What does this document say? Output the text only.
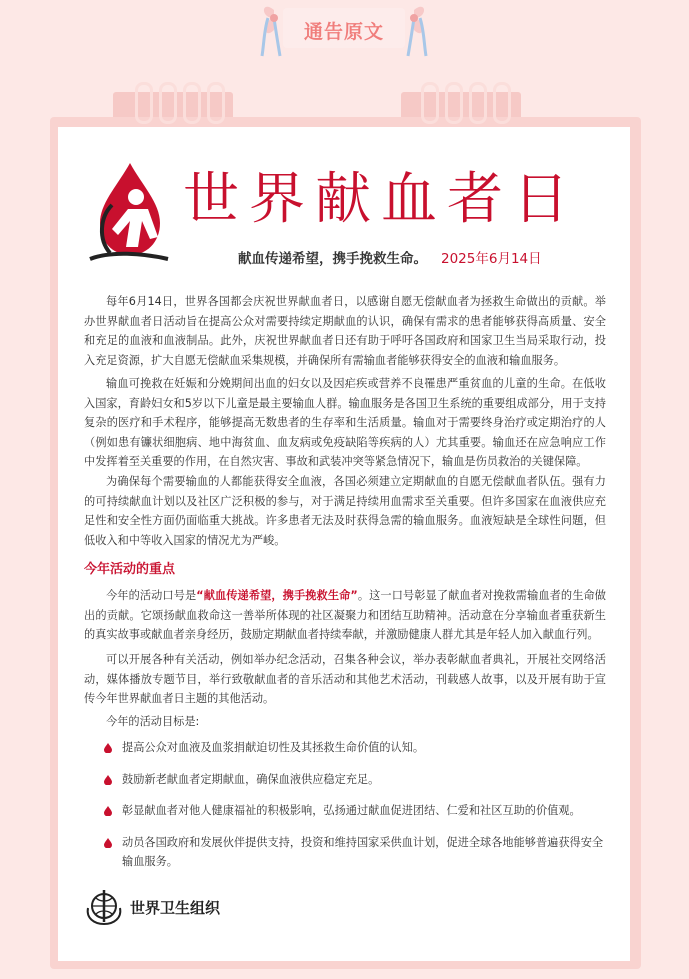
通告原文
世界献血者日
献血传递希望，携手挽救生命。 2025年6月14日

每年6月14日，世界各国都会庆祝世界献血者日，以感谢自愿无偿献血者为拯救生命做出的贡献。举办世界献血者日活动旨在提高公众对需要持续定期献血的认识，确保有需求的患者能够获得高质量、安全和充足的血液和血液制品。此外，庆祝世界献血者日还有助于呼吁各国政府和国家卫生当局采取行动，投入充足资源，扩大自愿无偿献血采集规模，并确保所有需输血者能够获得安全的血液和输血服务。

输血可挽救在妊娠和分娩期间出血的妇女以及因疟疾或营养不良罹患严重贫血的儿童的生命。在低收入国家，育龄妇女和5岁以下儿童是最主要输血人群。输血服务是各国卫生系统的重要组成部分，用于支持复杂的医疗和手术程序，能够提高无数患者的生存率和生活质量。输血对于需要终身治疗或定期治疗的人（例如患有镰状细胞病、地中海贫血、血友病或免疫缺陷等疾病的人）尤其重要。输血还在应急响应工作中发挥着至关重要的作用，在自然灾害、事故和武装冲突等紧急情况下，输血是伤员救治的关键保障。

为确保每个需要输血的人都能获得安全血液，各国必须建立定期献血的自愿无偿献血者队伍。强有力的可持续献血计划以及社区广泛积极的参与，对于满足持续用血需求至关重要。但许多国家在血液供应充足性和安全性方面仍面临重大挑战。许多患者无法及时获得急需的输血服务。血液短缺是全球性问题，但低收入和中等收入国家的情况尤为严峻。

今年活动的重点

今年的活动口号是“献血传递希望，携手挽救生命”。这一口号彰显了献血者对挽救需输血者的生命做出的贡献。它颂扬献血救命这一善举所体现的社区凝聚力和团结互助精神。活动意在分享输血者重获新生的真实故事或献血者亲身经历，鼓励定期献血者持续奉献，并激励健康人群尤其是年轻人加入献血行列。

可以开展各种有关活动，例如举办纪念活动，召集各种会议，举办表彰献血者典礼，开展社交网络活动，媒体播放专题节目，举行致敬献血者的音乐活动和其他艺术活动，刊载感人故事，以及开展有助于宣传今年世界献血者日主题的其他活动。

今年的活动目标是:

提高公众对血液及血浆捐献迫切性及其拯救生命价值的认知。
鼓励新老献血者定期献血，确保血液供应稳定充足。
彰显献血者对他人健康福祉的积极影响，弘扬通过献血促进团结、仁爱和社区互助的价值观。
动员各国政府和发展伙伴提供支持，投资和维持国家采供血计划，促进全球各地能够普遍获得安全输血服务。
世界卫生组织
